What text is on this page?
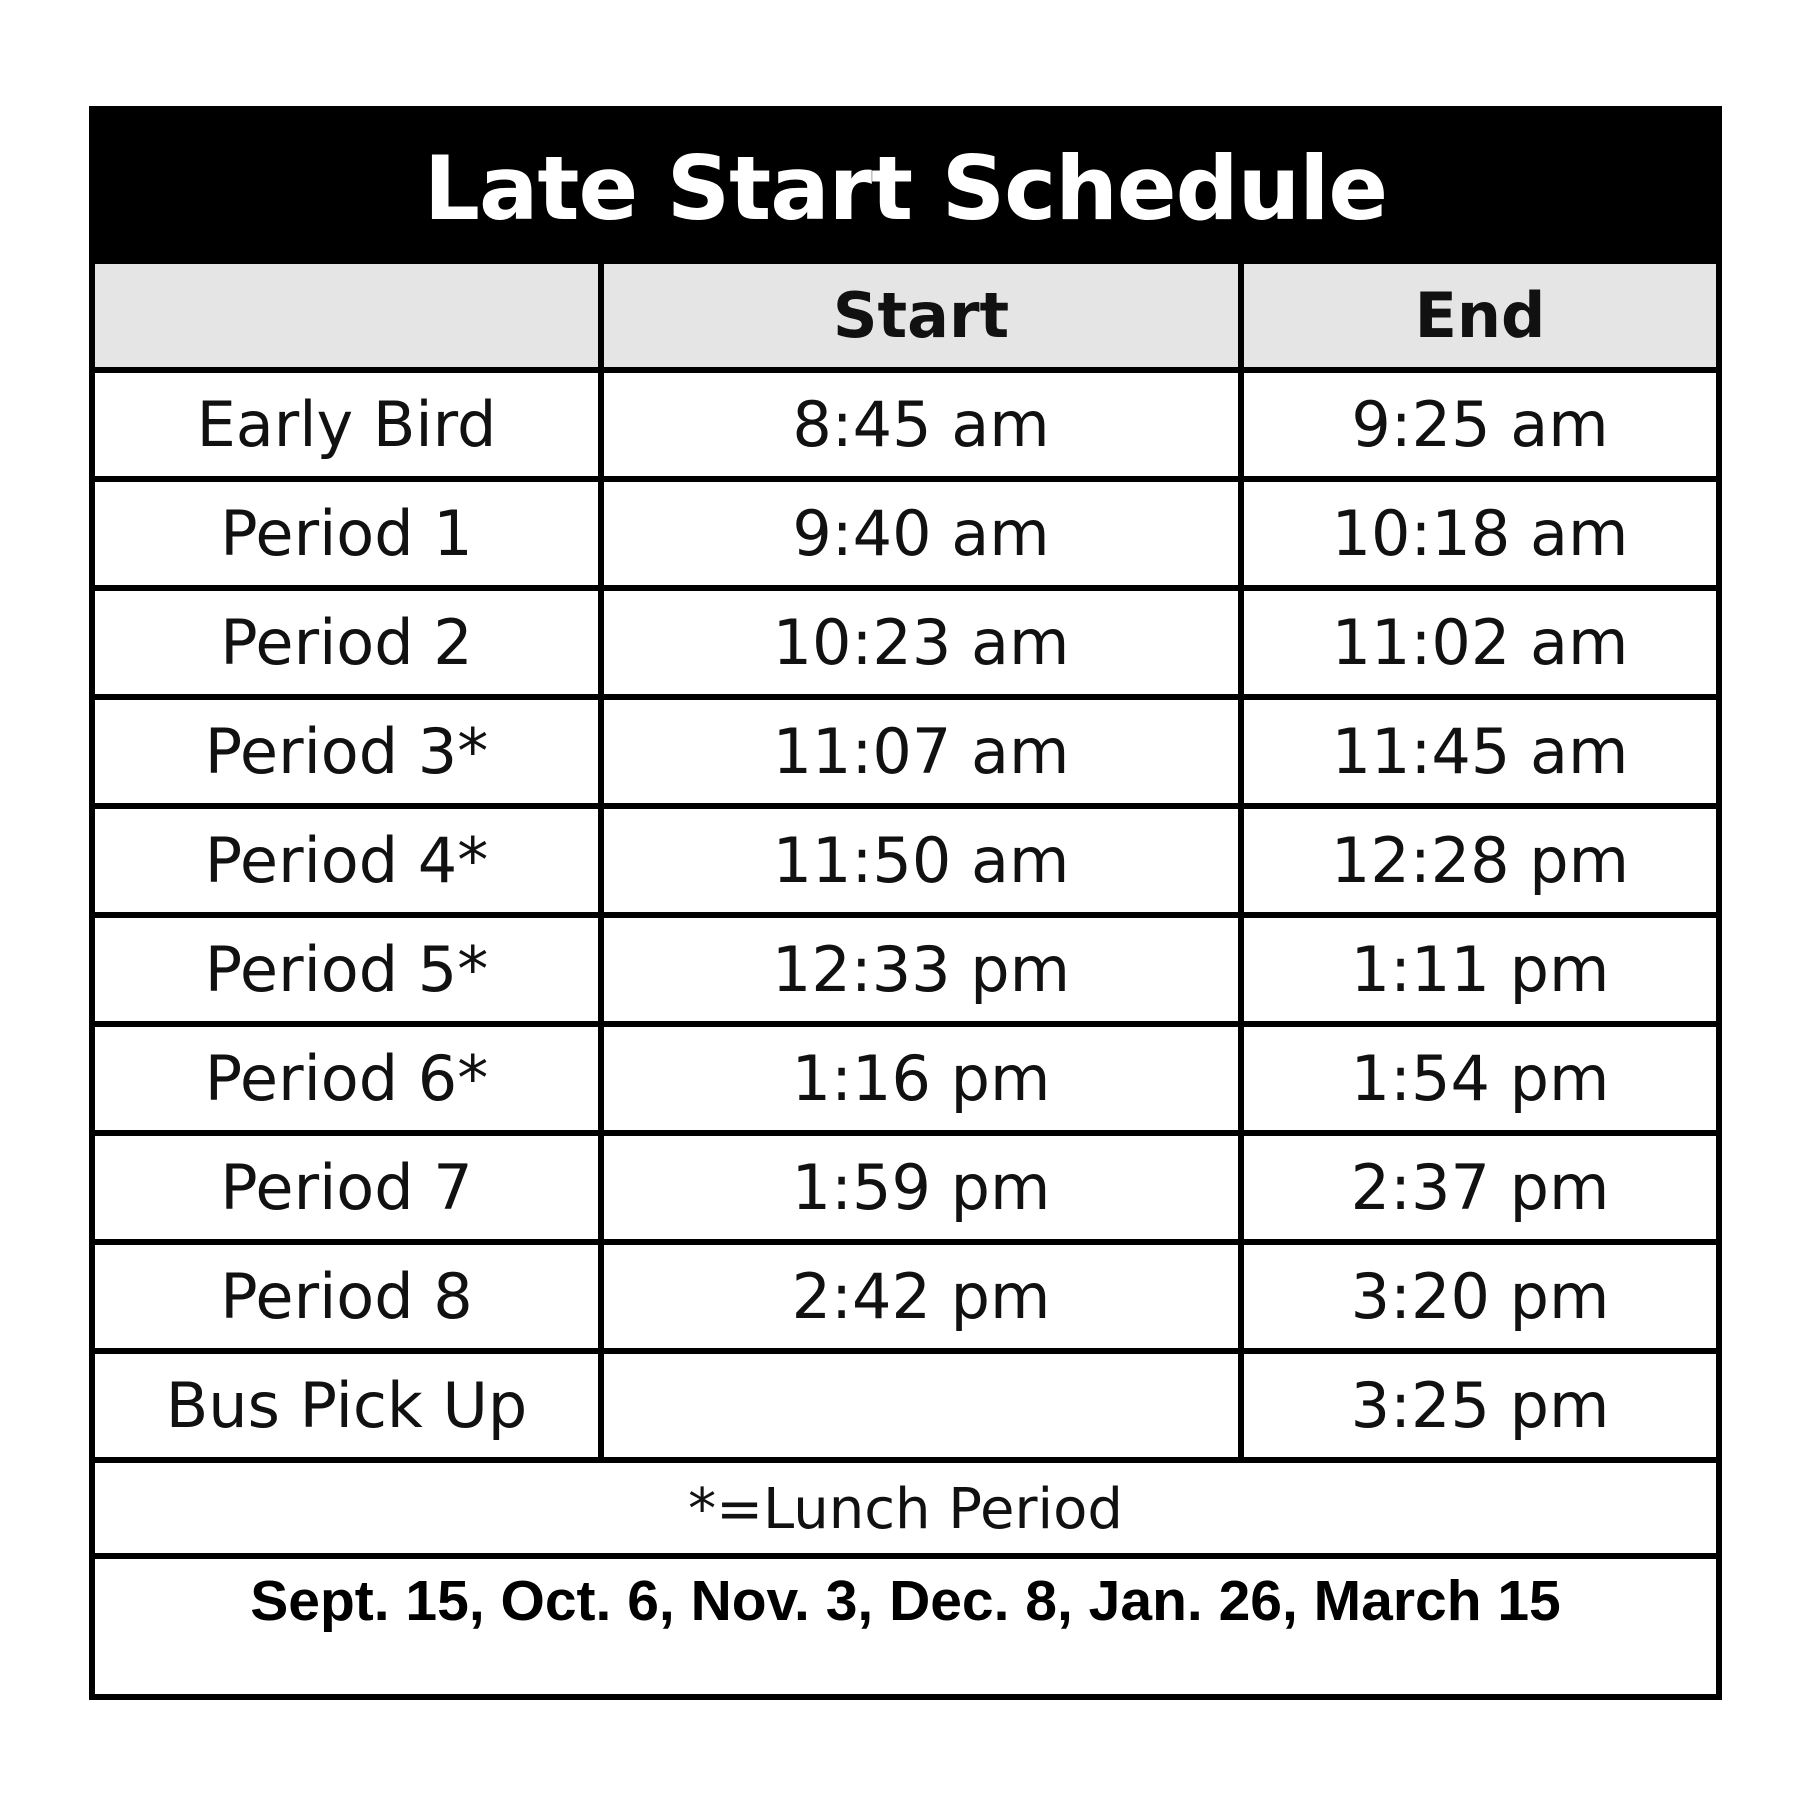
Late Start Schedule
	Start	End
Early Bird	8:45 am	9:25 am
Period 1	9:40 am	10:18 am
Period 2	10:23 am	11:02 am
Period 3*	11:07 am	11:45 am
Period 4*	11:50 am	12:28 pm
Period 5*	12:33 pm	1:11 pm
Period 6*	1:16 pm	1:54 pm
Period 7	1:59 pm	2:37 pm
Period 8	2:42 pm	3:20 pm
Bus Pick Up		3:25 pm
*=Lunch Period
Sept. 15, Oct. 6, Nov. 3, Dec. 8, Jan. 26, March 15
